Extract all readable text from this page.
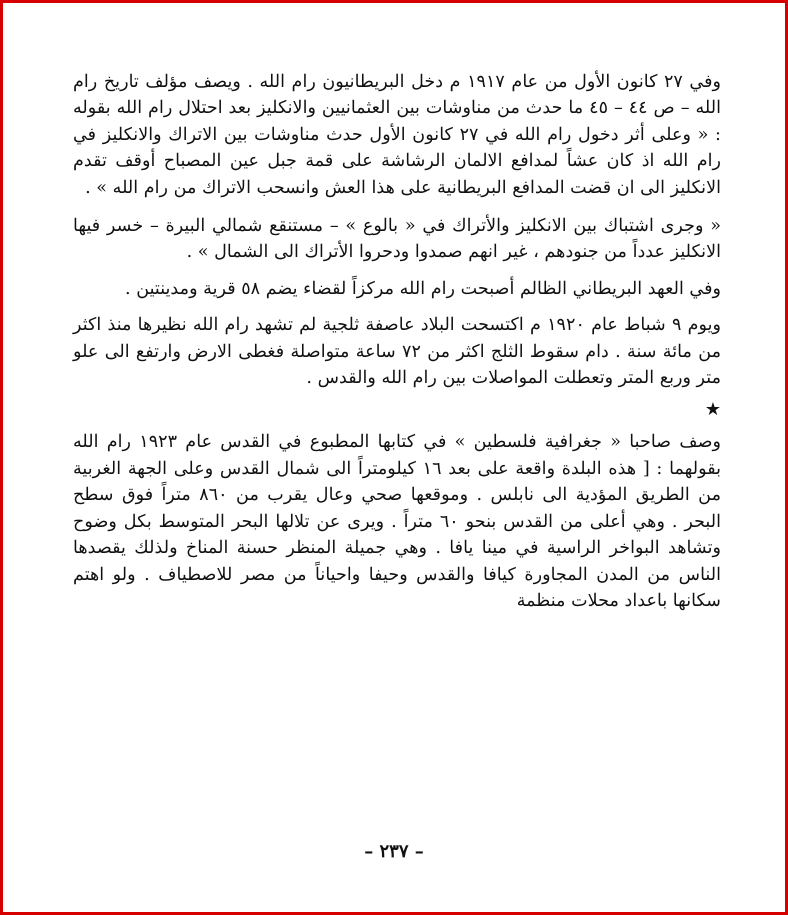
وفي ٢٧ كانون الأول من عام ١٩١٧ م دخل البريطانيون رام الله . ويصف مؤلف تاريخ رام الله – ص ٤٤ – ٤٥ ما حدث من مناوشات بين العثمانيين والانكليز بعد احتلال رام الله بقوله : « وعلى أثر دخول رام الله في ٢٧ كانون الأول حدث مناوشات بين الاتراك والانكليز في رام الله اذ كان عشاً لمدافع الالمان الرشاشة على قمة جبل عين المصباح أوقف تقدم الانكليز الى ان قضت المدافع البريطانية على هذا العش وانسحب الاتراك من رام الله » .

« وجرى اشتباك بين الانكليز والأتراك في « بالوع » – مستنقع شمالي البيرة – خسر فيها الانكليز عدداً من جنودهم ، غير انهم صمدوا ودحروا الأتراك الى الشمال » .

وفي العهد البريطاني الظالم أصبحت رام الله مركزاً لقضاء يضم ٥٨ قرية ومدينتين .

ويوم ٩ شباط عام ١٩٢٠ م اكتسحت البلاد عاصفة ثلجية لم تشهد رام الله نظيرها منذ اكثر من مائة سنة . دام سقوط الثلج اكثر من ٧٢ ساعة متواصلة فغطى الارض وارتفع الى علو متر وربع المتر وتعطلت المواصلات بين رام الله والقدس .

★

وصف صاحبا « جغرافية فلسطين » في كتابها المطبوع في القدس عام ١٩٢٣ رام الله بقولهما : [ هذه البلدة واقعة على بعد ١٦ كيلومتراً الى شمال القدس وعلى الجهة الغربية من الطريق المؤدية الى نابلس . وموقعها صحي وعال يقرب من ٨٦٠ متراً فوق سطح البحر . وهي أعلى من القدس بنحو ٦٠ متراً . ويرى عن تلالها البحر المتوسط بكل وضوح وتشاهد البواخر الراسية في مينا يافا . وهي جميلة المنظر حسنة المناخ ولذلك يقصدها الناس من المدن المجاورة كيافا والقدس وحيفا واحياناً من مصر للاصطياف . ولو اهتم سكانها باعداد محلات منظمة

– ٢٣٧ –
